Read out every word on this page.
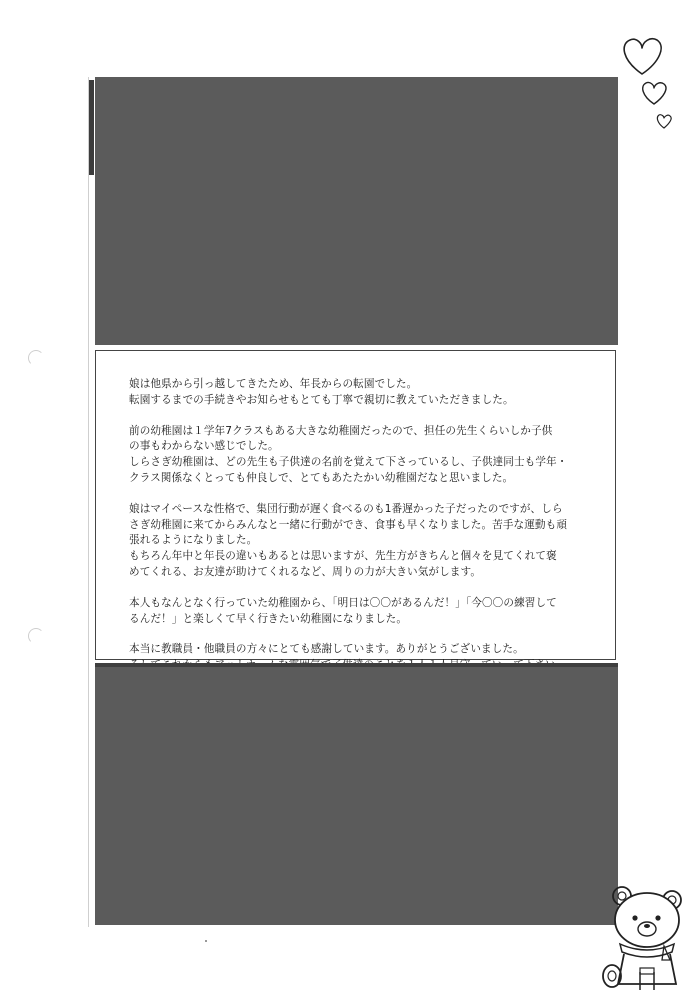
娘は他県から引っ越してきたため、年長からの転園でした。
転園するまでの手続きやお知らせもとても丁寧で親切に教えていただきました。

前の幼稚園は１学年7クラスもある大きな幼稚園だったので、担任の先生くらいしか子供
の事もわからない感じでした。
しらさぎ幼稚園は、どの先生も子供達の名前を覚えて下さっているし、子供達同士も学年・
クラス関係なくとっても仲良しで、とてもあたたかい幼稚園だなと思いました。

娘はマイペースな性格で、集団行動が遅く食べるのも1番遅かった子だったのですが、しら
さぎ幼稚園に来てからみんなと一緒に行動ができ、食事も早くなりました。苦手な運動も頑
張れるようになりました。
もちろん年中と年長の違いもあるとは思いますが、先生方がきちんと個々を見てくれて褒
めてくれる、お友達が助けてくれるなど、周りの力が大きい気がします。

本人もなんとなく行っていた幼稚園から、「明日は〇〇があるんだ！」「今〇〇の練習して
るんだ！」と楽しくて早く行きたい幼稚園になりました。

本当に教職員・他職員の方々にとても感謝しています。ありがとうございました。
